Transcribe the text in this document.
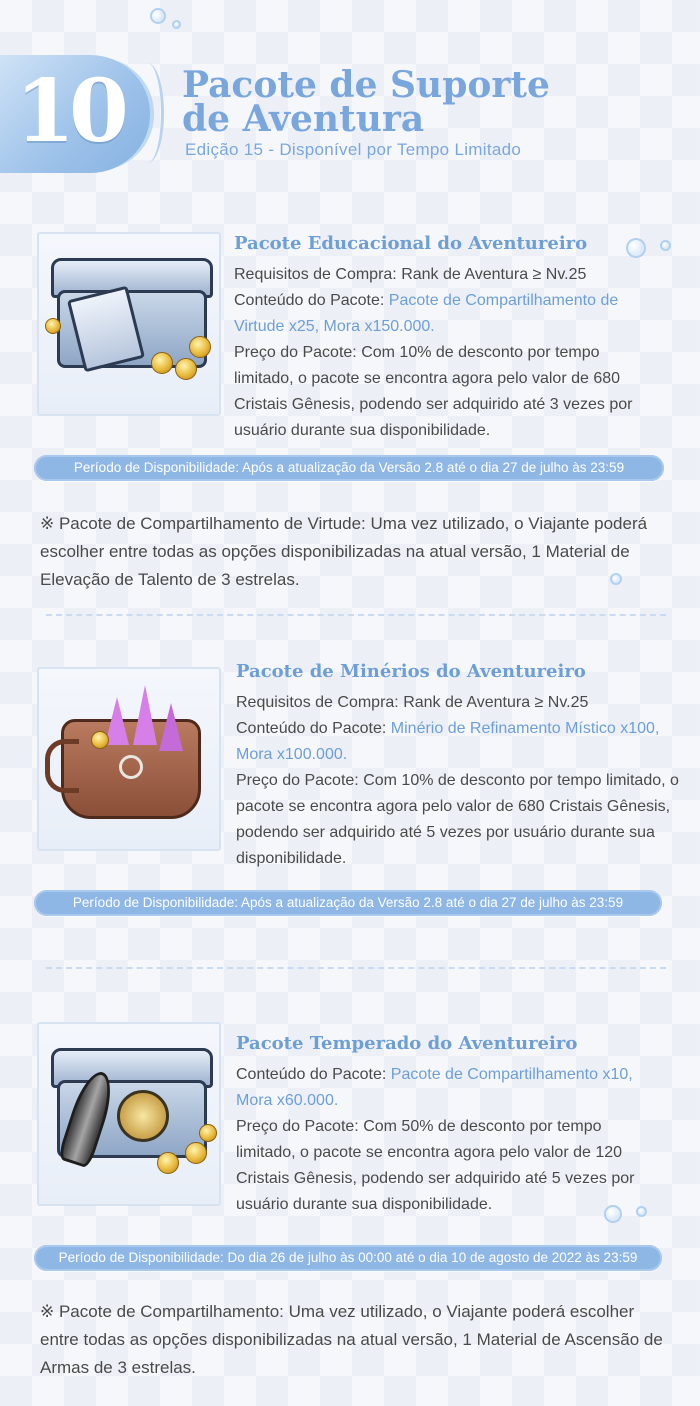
10 Pacote de Suporte
de Aventura
Edição 15 - Disponível por Tempo Limitado
Pacote Educacional do Aventureiro
Requisitos de Compra: Rank de Aventura ≥ Nv.25
Conteúdo do Pacote: Pacote de Compartilhamento de Virtude x25, Mora x150.000.
Preço do Pacote: Com 10% de desconto por tempo limitado, o pacote se encontra agora pelo valor de 680 Cristais Gênesis, podendo ser adquirido até 3 vezes por usuário durante sua disponibilidade.
Período de Disponibilidade: Após a atualização da Versão 2.8 até o dia 27 de julho às 23:59
※ Pacote de Compartilhamento de Virtude: Uma vez utilizado, o Viajante poderá escolher entre todas as opções disponibilizadas na atual versão, 1 Material de Elevação de Talento de 3 estrelas.
Pacote de Minérios do Aventureiro
Requisitos de Compra: Rank de Aventura ≥ Nv.25
Conteúdo do Pacote: Minério de Refinamento Místico x100, Mora x100.000.
Preço do Pacote: Com 10% de desconto por tempo limitado, o pacote se encontra agora pelo valor de 680 Cristais Gênesis, podendo ser adquirido até 5 vezes por usuário durante sua disponibilidade.
Período de Disponibilidade: Após a atualização da Versão 2.8 até o dia 27 de julho às 23:59
Pacote Temperado do Aventureiro
Conteúdo do Pacote: Pacote de Compartilhamento x10, Mora x60.000.
Preço do Pacote: Com 50% de desconto por tempo limitado, o pacote se encontra agora pelo valor de 120 Cristais Gênesis, podendo ser adquirido até 5 vezes por usuário durante sua disponibilidade.
Período de Disponibilidade: Do dia 26 de julho às 00:00 até o dia 10 de agosto de 2022 às 23:59
※ Pacote de Compartilhamento: Uma vez utilizado, o Viajante poderá escolher entre todas as opções disponibilizadas na atual versão, 1 Material de Ascensão de Armas de 3 estrelas.
